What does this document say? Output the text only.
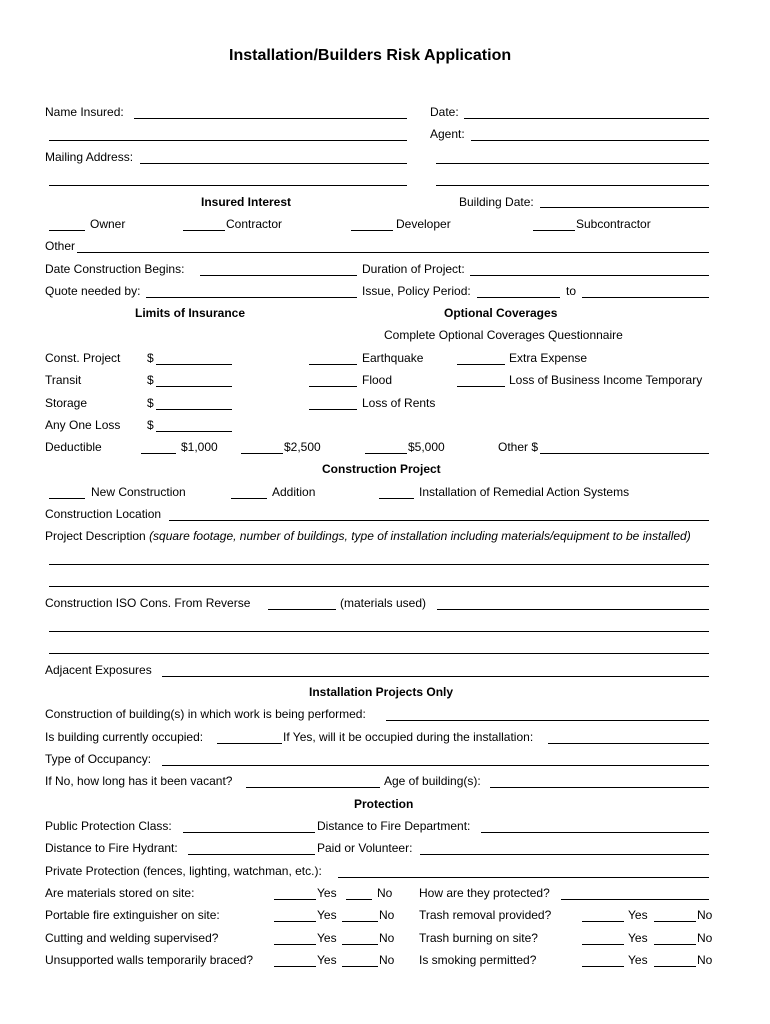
Installation/Builders Risk Application
Name Insured:	Date:
Agent:
Mailing Address:
Insured Interest	Building Date:
Owner	Contractor	Developer	Subcontractor
Other
Date Construction Begins:	Duration of Project:
Quote needed by:	Issue, Policy Period:	to
Limits of Insurance	Optional Coverages
Complete Optional Coverages Questionnaire
Const. Project $	Earthquake	Extra Expense
Transit	$	Flood	Loss of Business Income Temporary
Storage	$	Loss of Rents
Any One Loss $
Deductible	$1,000	$2,500	$5,000	Other $
Construction Project
New Construction	Addition	Installation of Remedial Action Systems
Construction Location
Project Description (square footage, number of buildings, type of installation including materials/equipment to be installed)
Construction ISO Cons. From Reverse	(materials used)
Adjacent Exposures
Installation Projects Only
Construction of building(s) in which work is being performed:
Is building currently occupied:	If Yes, will it be occupied during the installation:
Type of Occupancy:
If No, how long has it been vacant?	Age of building(s):
Protection
Public Protection Class:	Distance to Fire Department:
Distance to Fire Hydrant:	Paid or Volunteer:
Private Protection (fences, lighting, watchman, etc.):
Are materials stored on site:	Yes	No How are they protected?
Portable fire extinguisher on site:	Yes	No Trash removal provided?	Yes	No
Cutting and welding supervised?	Yes	No Trash burning on site?	Yes	No
Unsupported walls temporarily braced?	Yes	No Is smoking permitted?	Yes	No
